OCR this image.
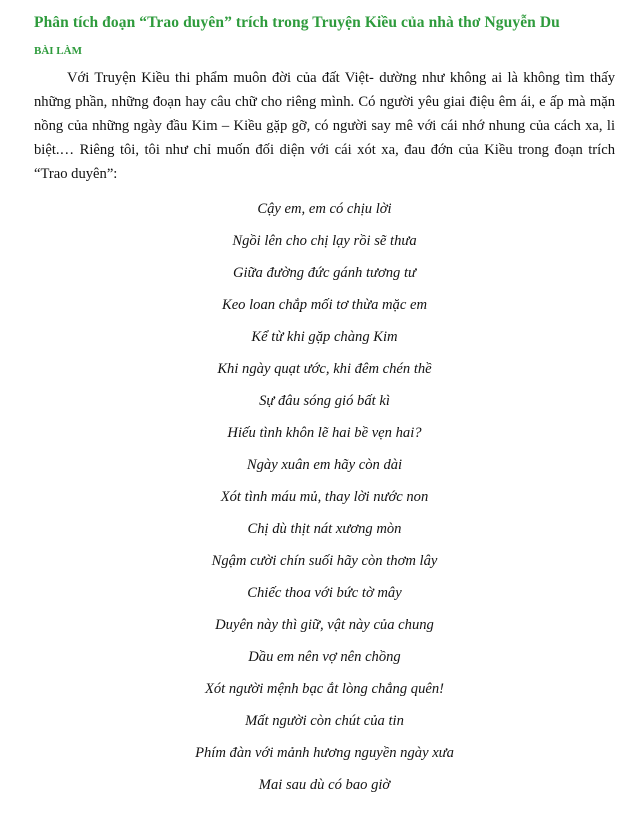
Phân tích đoạn “Trao duyên” trích trong Truyện Kiều của nhà thơ Nguyễn Du
BÀI LÀM

Với Truyện Kiều thi phẩm muôn đời của đất Việt- dường như không ai là không tìm thấy những phần, những đoạn hay câu chữ cho riêng mình. Có người yêu giai điệu êm ái, e ấp mà mặn nồng của những ngày đầu Kim – Kiều gặp gỡ, có người say mê với cái nhớ nhung của cách xa, li biệt.… Riêng tôi, tôi như chỉ muốn đối diện với cái xót xa, đau đớn của Kiều trong đoạn trích “Trao duyên”:

Cậy em, em có chịu lời
Ngồi lên cho chị lạy rồi sẽ thưa
Giữa đường đức gánh tương tư
Keo loan chắp mối tơ thừa mặc em
Kể từ khi gặp chàng Kim
Khi ngày quạt ước, khi đêm chén thề
Sự đâu sóng gió bất kì
Hiếu tình khôn lẽ hai bề vẹn hai?
Ngày xuân em hãy còn dài
Xót tình máu mủ, thay lời nước non
Chị dù thịt nát xương mòn
Ngậm cười chín suối hãy còn thơm lây
Chiếc thoa với bức tờ mây
Duyên này thì giữ, vật này của chung
Dầu em nên vợ nên chồng
Xót người mệnh bạc ắt lòng chẳng quên!
Mất người còn chút của tin
Phím đàn với mảnh hương nguyền ngày xưa
Mai sau dù có bao giờ
